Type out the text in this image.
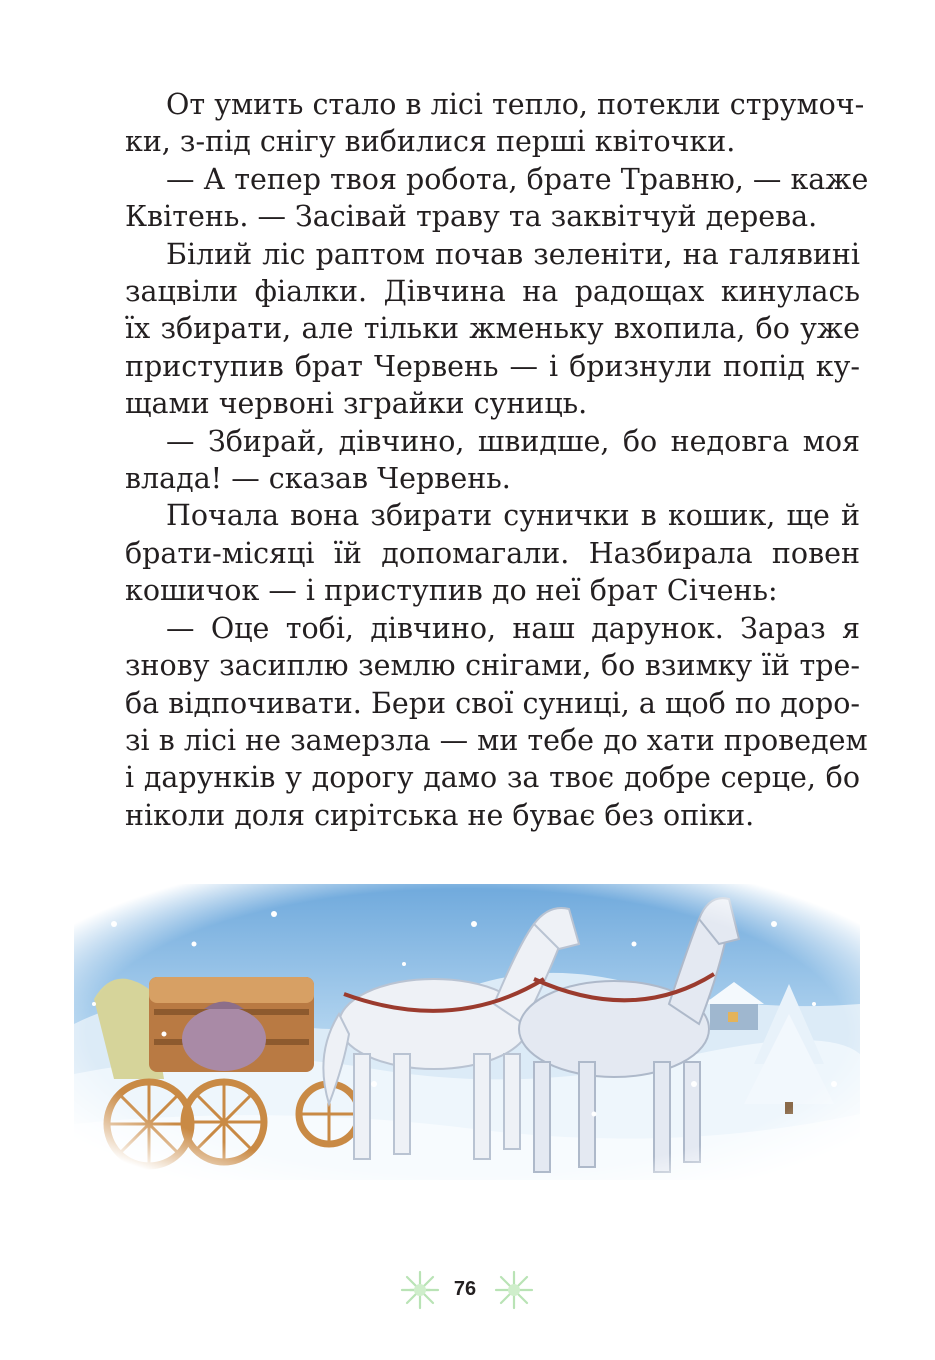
От умить стало в лісі тепло, потекли струмоч-
ки, з-під снігу вибилися перші квіточки.

— А тепер твоя робота, брате Травню, — каже
Квітень. — Засівай траву та заквітчуй дерева.

Білий ліс раптом почав зеленіти, на галявині
зацвіли фіалки. Дівчина на радощах кинулась
їх збирати, але тільки жменьку вхопила, бо уже
приступив брат Червень — і бризнули попід ку-
щами червоні зграйки суниць.

— Збирай, дівчино, швидше, бо недовга моя
влада! — сказав Червень.

Почала вона збирати сунички в кошик, ще й
брати-місяці їй допомагали. Назбирала повен
кошичок — і приступив до неї брат Січень:

— Оце тобі, дівчино, наш дарунок. Зараз я
знову засиплю землю снігами, бо взимку їй тре-
ба відпочивати. Бери свої суниці, а щоб по доро-
зі в лісі не замерзла — ми тебе до хати проведем
і дарунків у дорогу дамо за твоє добре серце, бо
ніколи доля сирітська не буває без опіки.

76
